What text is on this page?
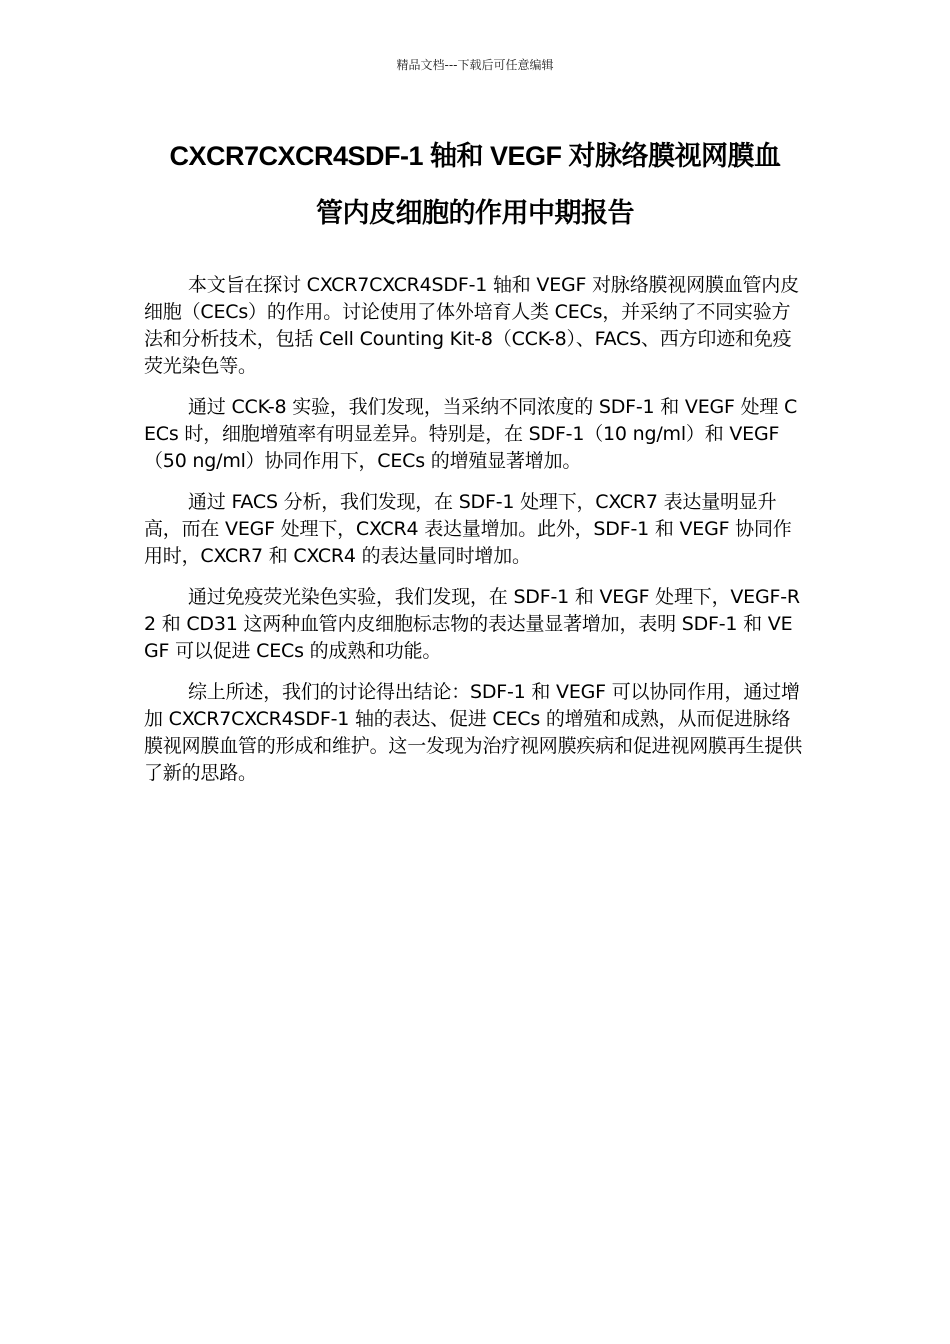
精品文档---下载后可任意编辑
CXCR7CXCR4SDF-1 轴和 VEGF 对脉络膜视网膜血
管内皮细胞的作用中期报告

本文旨在探讨 CXCR7CXCR4SDF-1 轴和 VEGF 对脉络膜视网膜血管内皮细胞（CECs）的作用。讨论使用了体外培育人类 CECs，并采纳了不同实验方法和分析技术，包括 Cell Counting Kit-8（CCK-8）、FACS、西方印迹和免疫荧光染色等。

通过 CCK-8 实验，我们发现，当采纳不同浓度的 SDF-1 和 VEGF 处理 CECs 时，细胞增殖率有明显差异。特别是，在 SDF-1（10 ng/ml）和 VEGF（50 ng/ml）协同作用下，CECs 的增殖显著增加。

通过 FACS 分析，我们发现，在 SDF-1 处理下，CXCR7 表达量明显升高，而在 VEGF 处理下，CXCR4 表达量增加。此外，SDF-1 和 VEGF 协同作用时，CXCR7 和 CXCR4 的表达量同时增加。

通过免疫荧光染色实验，我们发现，在 SDF-1 和 VEGF 处理下，VEGF-R2 和 CD31 这两种血管内皮细胞标志物的表达量显著增加，表明 SDF-1 和 VEGF 可以促进 CECs 的成熟和功能。

综上所述，我们的讨论得出结论：SDF-1 和 VEGF 可以协同作用，通过增加 CXCR7CXCR4SDF-1 轴的表达、促进 CECs 的增殖和成熟，从而促进脉络膜视网膜血管的形成和维护。这一发现为治疗视网膜疾病和促进视网膜再生提供了新的思路。
